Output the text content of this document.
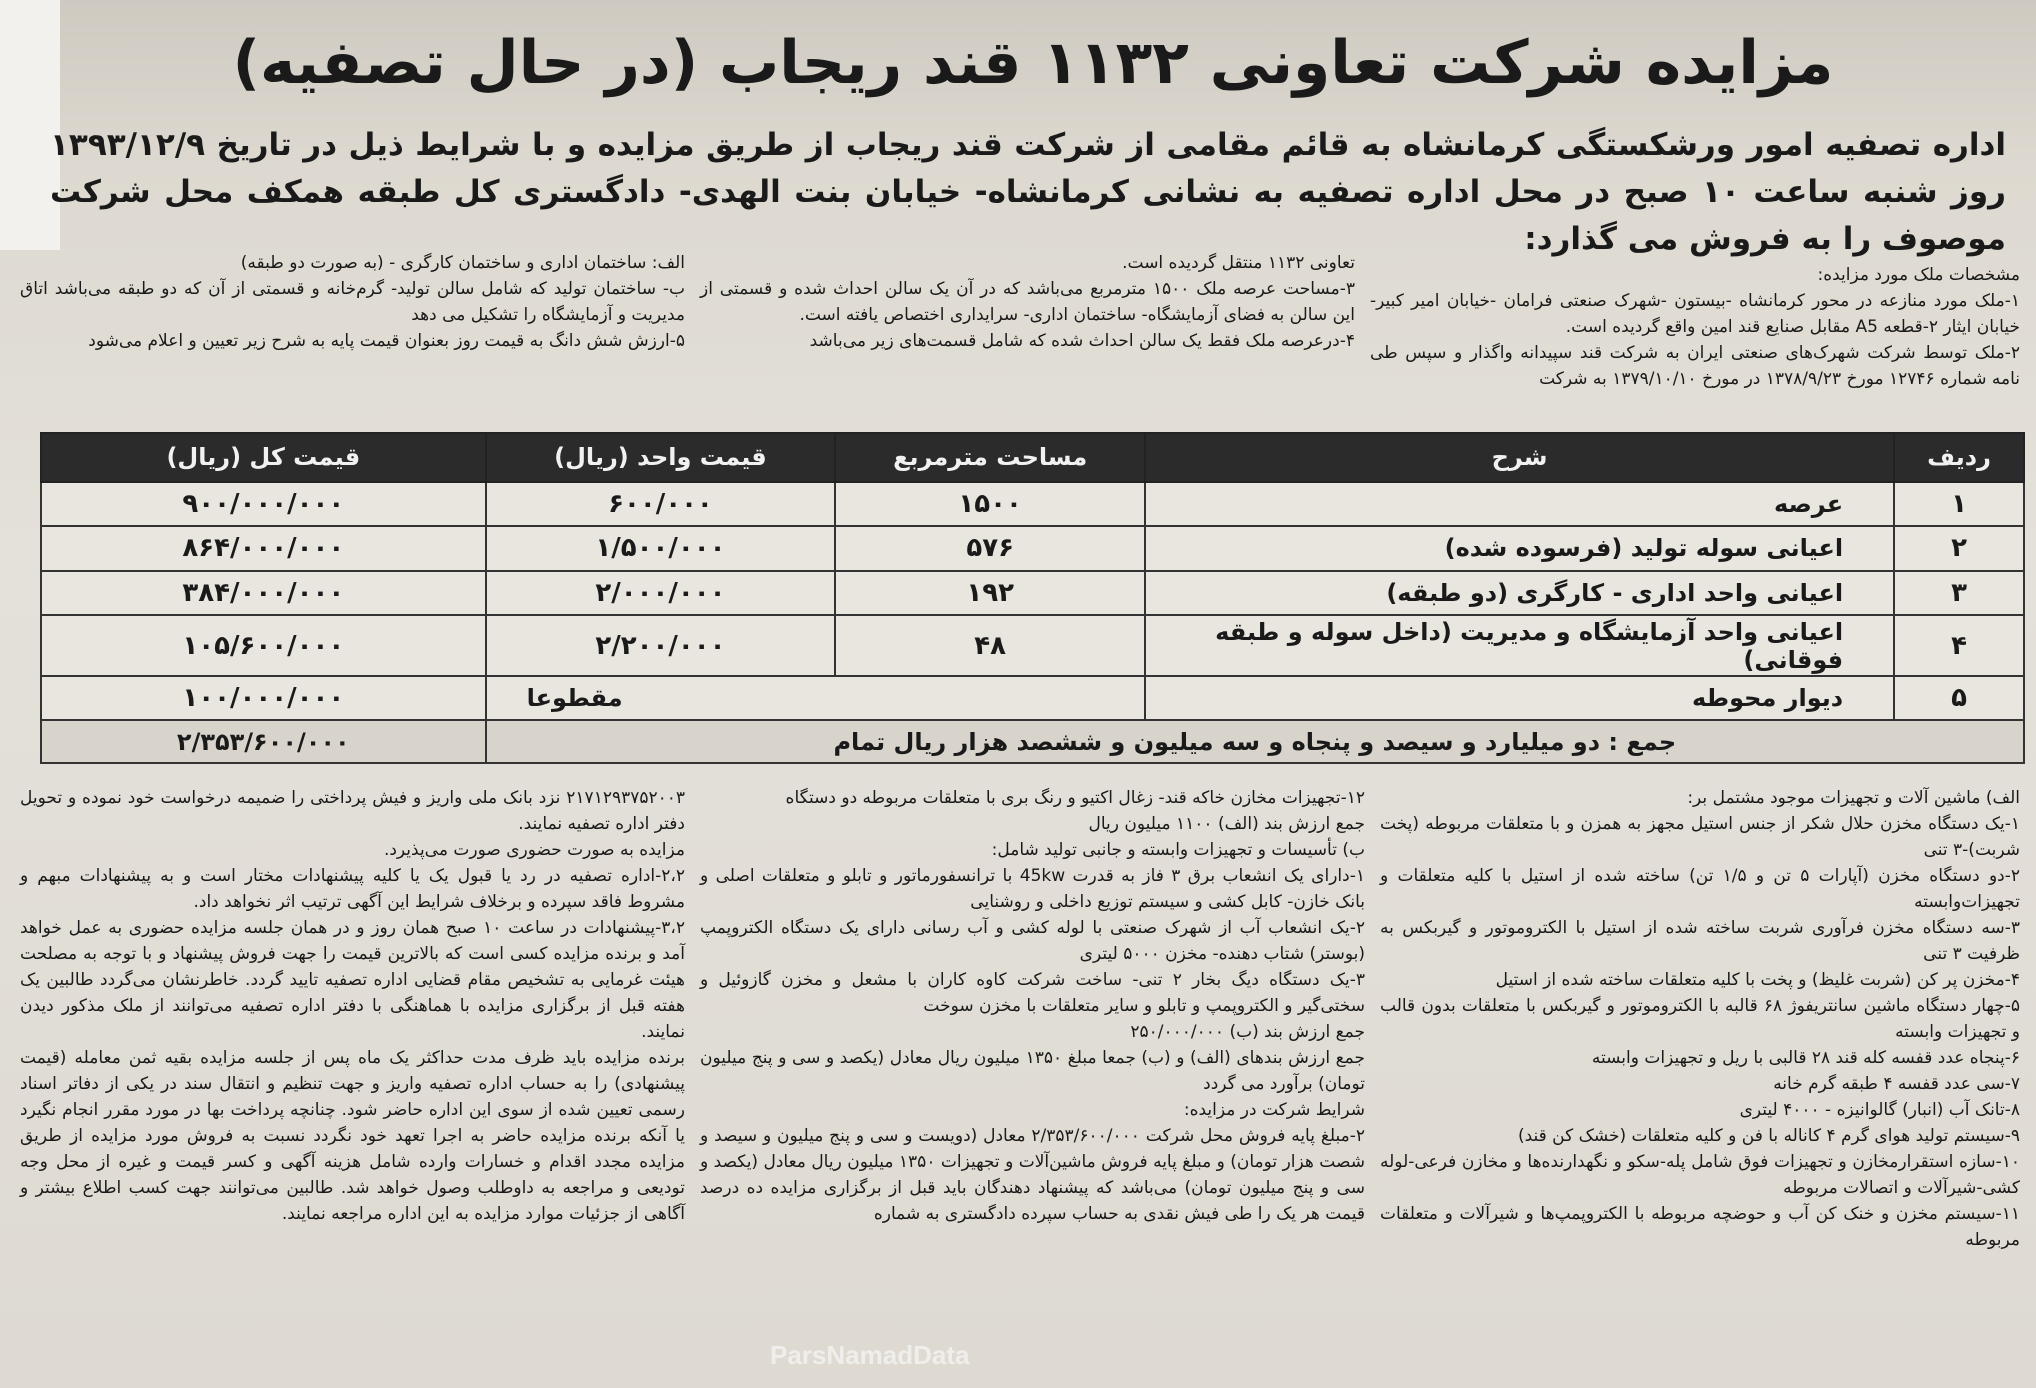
مزایده شرکت تعاونی ۱۱۳۲ قند ریجاب (در حال تصفیه)
اداره تصفیه امور ورشکستگی کرمانشاه به قائم مقامی از شرکت قند ریجاب از طریق مزایده و با شرایط ذیل در تاریخ ۱۳۹۳/۱۲/۹ روز شنبه ساعت ۱۰ صبح در محل اداره تصفیه به نشانی کرمانشاه- خیابان بنت الهدی- دادگستری کل طبقه همکف محل شرکت موصوف را به فروش می گذارد:

مشخصات ملک مورد مزایده:

۱-ملک مورد منازعه در محور کرمانشاه -بیستون -شهرک صنعتی فرامان -خیابان امیر کبیر-خیابان ایثار ۲-قطعه A5 مقابل صنایع قند امین واقع گردیده است.

۲-ملک توسط شرکت شهرک‌های صنعتی ایران به شرکت قند سپیدانه واگذار و سپس طی نامه شماره ۱۲۷۴۶ مورخ ۱۳۷۸/۹/۲۳ در مورخ ۱۳۷۹/۱۰/۱۰ به شرکت

تعاونی ۱۱۳۲ منتقل گردیده است.

۳-مساحت عرصه ملک ۱۵۰۰ مترمربع می‌باشد که در آن یک سالن احداث شده و قسمتی از این سالن به فضای آزمایشگاه- ساختمان اداری- سرایداری اختصاص یافته است.

۴-درعرصه ملک فقط یک سالن احداث شده که شامل قسمت‌های زیر می‌باشد

الف: ساختمان اداری و ساختمان کارگری - (به صورت دو طبقه)

ب- ساختمان تولید که شامل سالن تولید- گرم‌خانه و قسمتی از آن که دو طبقه می‌باشد اتاق مدیریت و آزمایشگاه را تشکیل می دهد

۵-ارزش شش دانگ به قیمت روز بعنوان قیمت پایه به شرح زیر تعیین و اعلام می‌شود

ردیف	شرح	مساحت مترمربع	قیمت واحد (ریال)	قیمت کل (ریال)
۱	عرصه	۱۵۰۰	۶۰۰/۰۰۰	۹۰۰/۰۰۰/۰۰۰
۲	اعیانی سوله تولید (فرسوده شده)	۵۷۶	۱/۵۰۰/۰۰۰	۸۶۴/۰۰۰/۰۰۰
۳	اعیانی واحد اداری - کارگری (دو طبقه)	۱۹۲	۲/۰۰۰/۰۰۰	۳۸۴/۰۰۰/۰۰۰
۴	اعیانی واحد آزمایشگاه و مدیریت (داخل سوله و طبقه فوقانی)	۴۸	۲/۲۰۰/۰۰۰	۱۰۵/۶۰۰/۰۰۰
۵	دیوار محوطه	مقطوعا		۱۰۰/۰۰۰/۰۰۰
جمع : دو میلیارد و سیصد و پنجاه و سه میلیون و ششصد هزار ریال تمام				۲/۳۵۳/۶۰۰/۰۰۰

الف) ماشین آلات و تجهیزات موجود مشتمل بر:

۱-یک دستگاه مخزن حلال شکر از جنس استیل مجهز به همزن و با متعلقات مربوطه (پخت شربت)-۳ تنی

۲-دو دستگاه مخزن (آپارات ۵ تن و ۱/۵ تن) ساخته شده از استیل با کلیه متعلقات و تجهیزات‌وابسته

۳-سه دستگاه مخزن فرآوری شربت ساخته شده از استیل با الکتروموتور و گیربکس به ظرفیت ۳ تنی

۴-مخزن پر کن (شربت غلیظ) و پخت با کلیه متعلقات ساخته شده از استیل

۵-چهار دستگاه ماشین سانتریفوژ ۶۸ قالبه با الکتروموتور و گیربکس با متعلقات بدون قالب و تجهیزات وابسته

۶-پنجاه عدد قفسه کله قند ۲۸ قالبی با ریل و تجهیزات وابسته

۷-سی عدد قفسه ۴ طبقه گرم خانه

۸-تانک آب (انبار) گالوانیزه - ۴۰۰۰ لیتری

۹-سیستم تولید هوای گرم ۴ کاناله با فن و کلیه متعلقات (خشک کن قند)

۱۰-سازه استقرار‌مخازن و تجهیزات فوق شامل پله-سکو و نگهدارنده‌ها و مخازن فرعی-لوله کشی-شیرآلات و اتصالات مربوطه

۱۱-سیستم مخزن و خنک کن آب و حوضچه مربوطه با الکتروپمپ‌ها و شیرآلات و متعلقات مربوطه

۱۲-تجهیزات مخازن خاکه قند- زغال اکتیو و رنگ بری با متعلقات مربوطه دو دستگاه

جمع ارزش بند (الف) ۱۱۰۰ میلیون ریال

ب) تأسیسات و تجهیزات وابسته و جانبی تولید شامل:

۱-دارای یک انشعاب برق ۳ فاز به قدرت 45kw با ترانسفورماتور و تابلو و متعلقات اصلی و بانک خازن- کابل کشی و سیستم توزیع داخلی و روشنایی

۲-یک انشعاب آب از شهرک صنعتی با لوله کشی و آب رسانی دارای یک دستگاه الکتروپمپ (بوستر) شتاب دهنده- مخزن ۵۰۰۰ لیتری

۳-یک دستگاه دیگ بخار ۲ تنی- ساخت شرکت کاوه کاران با مشعل و مخزن گازوئیل و سختی‌گیر و الکتروپمپ و تابلو و سایر متعلقات با مخزن سوخت

جمع ارزش بند (ب) ۲۵۰/۰۰۰/۰۰۰

جمع ارزش بندهای (الف) و (ب) جمعا مبلغ ۱۳۵۰ میلیون ریال معادل (یکصد و سی و پنج میلیون تومان) برآورد می گردد

شرایط شرکت در مزایده:

۲-مبلغ پایه فروش محل شرکت ۲/۳۵۳/۶۰۰/۰۰۰ معادل (دویست و سی و پنج میلیون و سیصد و شصت هزار تومان) و مبلغ پایه فروش ماشین‌آلات و تجهیزات ۱۳۵۰ میلیون ریال معادل (یکصد و سی و پنج میلیون تومان) می‌باشد که پیشنهاد دهندگان باید قبل از برگزاری مزایده ده درصد قیمت هر یک را طی فیش نقدی به حساب سپرده دادگستری به شماره

۲۱۷۱۲۹۳۷۵۲۰۰۳ نزد بانک ملی واریز و فیش پرداختی را ضمیمه درخواست خود نموده و تحویل دفتر اداره تصفیه نمایند.

مزایده به صورت حضوری صورت می‌پذیرد.

۲،۲-اداره تصفیه در رد یا قبول یک یا کلیه پیشنهادات مختار است و به پیشنهادات مبهم و مشروط فاقد سپرده و برخلاف شرایط این آگهی ترتیب اثر نخواهد داد.

۳،۲-پیشنهادات در ساعت ۱۰ صبح همان روز و در همان جلسه مزایده حضوری به عمل خواهد آمد و برنده مزایده کسی است که بالاترین قیمت را جهت فروش پیشنهاد و با توجه به مصلحت هیئت غرمایی به تشخیص مقام قضایی اداره تصفیه تایید گردد. خاطرنشان می‌گردد طالبین یک هفته قبل از برگزاری مزایده با هماهنگی با دفتر اداره تصفیه می‌توانند از ملک مذکور دیدن نمایند.

برنده مزایده باید ظرف مدت حداکثر یک ماه پس از جلسه مزایده بقیه ثمن معامله (قیمت پیشنهادی) را به حساب اداره تصفیه واریز و جهت تنظیم و انتقال سند در یکی از دفاتر اسناد رسمی تعیین شده از سوی این اداره حاضر شود. چنانچه پرداخت بها در مورد مقرر انجام نگیرد یا آنکه برنده مزایده حاضر به اجرا تعهد خود نگردد نسبت به فروش مورد مزایده از طریق مزایده مجدد اقدام و خسارات وارده شامل هزینه آگهی و کسر قیمت و غیره از محل وجه تودیعی و مراجعه به داوطلب وصول خواهد شد. طالبین می‌توانند جهت کسب اطلاع بیشتر و آگاهی از جزئیات موارد مزایده به این اداره مراجعه نمایند.

ParsNamadData
